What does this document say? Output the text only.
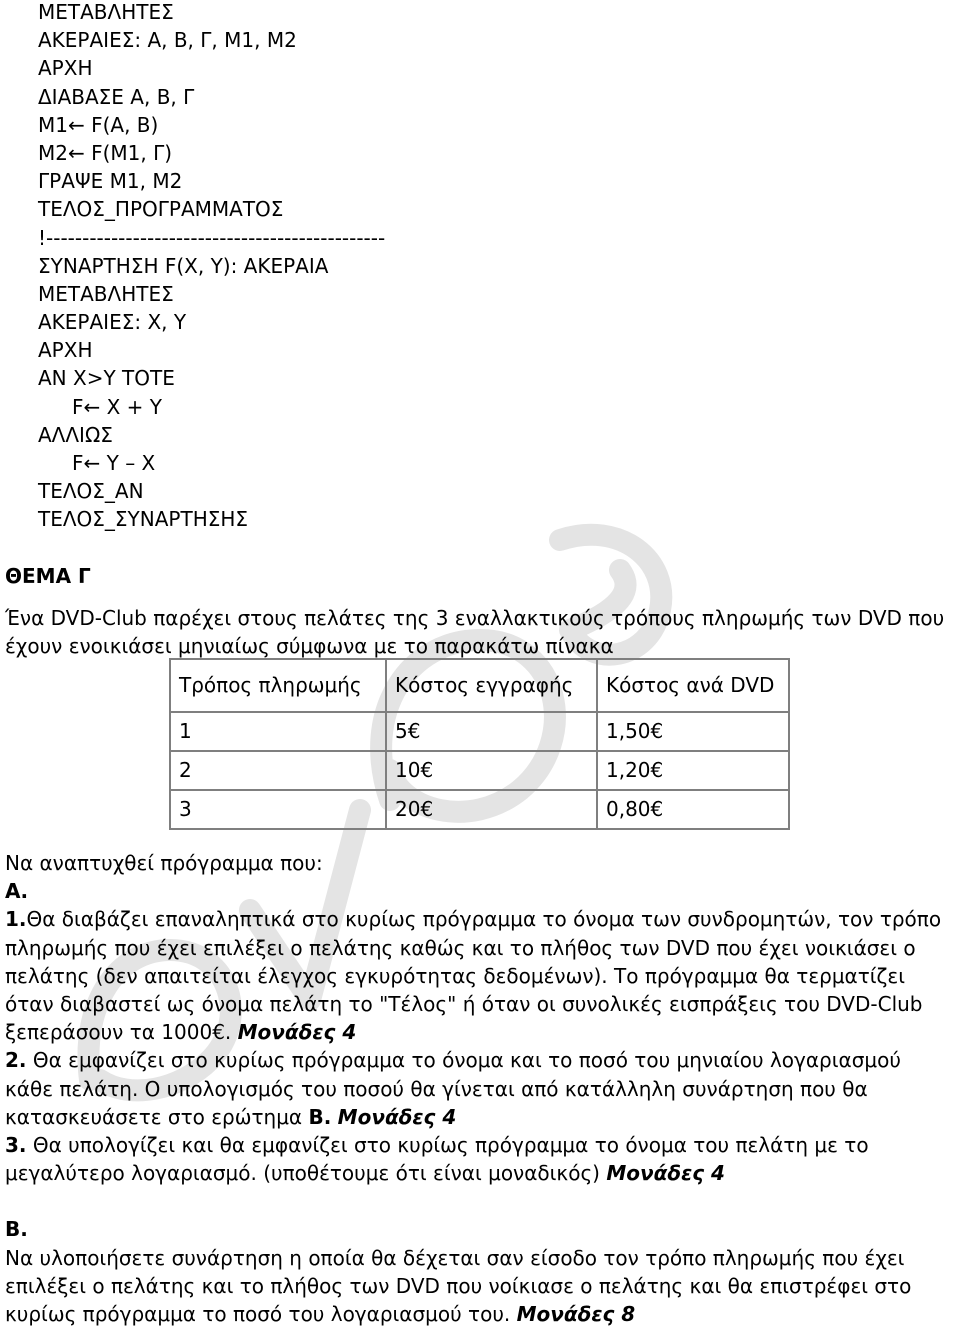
ΜΕΤΑΒΛΗΤΕΣ
ΑΚΕΡΑΙΕΣ: Α, Β, Γ, Μ1, Μ2
ΑΡΧΗ
ΔΙΑΒΑΣΕ Α, Β, Γ
Μ1← F(A, B)
Μ2← F(M1, Γ)
ΓΡΑΨΕ Μ1, Μ2
ΤΕΛΟΣ_ΠΡΟΓΡΑΜΜΑΤΟΣ
!-----------------------------------------------
ΣΥΝΑΡΤΗΣΗ F(X, Y): ΑΚΕΡΑΙΑ
ΜΕΤΑΒΛΗΤΕΣ
ΑΚΕΡΑΙΕΣ: X, Y
ΑΡΧΗ
ΑΝ X>Y ΤΟΤΕ
F← X + Y
ΑΛΛΙΩΣ
F← Y – X
ΤΕΛΟΣ_ΑΝ
ΤΕΛΟΣ_ΣΥΝΑΡΤΗΣΗΣ
ΘΕΜΑ Γ

Ένα DVD-Club παρέχει στους πελάτες της 3 εναλλακτικούς τρόπους πληρωμής των DVD που έχουν ενοικιάσει μηνιαίως σύμφωνα με το παρακάτω πίνακα

Τρόπος πληρωμής	Κόστος εγγραφής	Κόστος ανά DVD
1	5€	1,50€
2	10€	1,20€
3	20€	0,80€

Να αναπτυχθεί πρόγραμμα που:

Α.

1.Θα διαβάζει επαναληπτικά στο κυρίως πρόγραμμα το όνομα των συνδρομητών, τον τρόπο πληρωμής που έχει επιλέξει ο πελάτης καθώς και το πλήθος των DVD που έχει νοικιάσει ο πελάτης (δεν απαιτείται έλεγχος εγκυρότητας δεδομένων). Το πρόγραμμα θα τερματίζει όταν διαβαστεί ως όνομα πελάτη το "Τέλος" ή όταν οι συνολικές εισπράξεις του DVD-Club ξεπεράσουν τα 1000€. Μονάδες 4

2. Θα εμφανίζει στο κυρίως πρόγραμμα το όνομα και το ποσό του μηνιαίου λογαριασμού κάθε πελάτη. Ο υπολογισμός του ποσού θα γίνεται από κατάλληλη συνάρτηση που θα κατασκευάσετε στο ερώτημα Β. Μονάδες 4

3. Θα υπολογίζει και θα εμφανίζει στο κυρίως πρόγραμμα το όνομα του πελάτη με το μεγαλύτερο λογαριασμό. (υποθέτουμε ότι είναι μοναδικός) Μονάδες 4

Β.

Να υλοποιήσετε συνάρτηση η οποία θα δέχεται σαν είσοδο τον τρόπο πληρωμής που έχει επιλέξει ο πελάτης και το πλήθος των DVD που νοίκιασε ο πελάτης και θα επιστρέφει στο κυρίως πρόγραμμα το ποσό του λογαριασμού του. Μονάδες 8
